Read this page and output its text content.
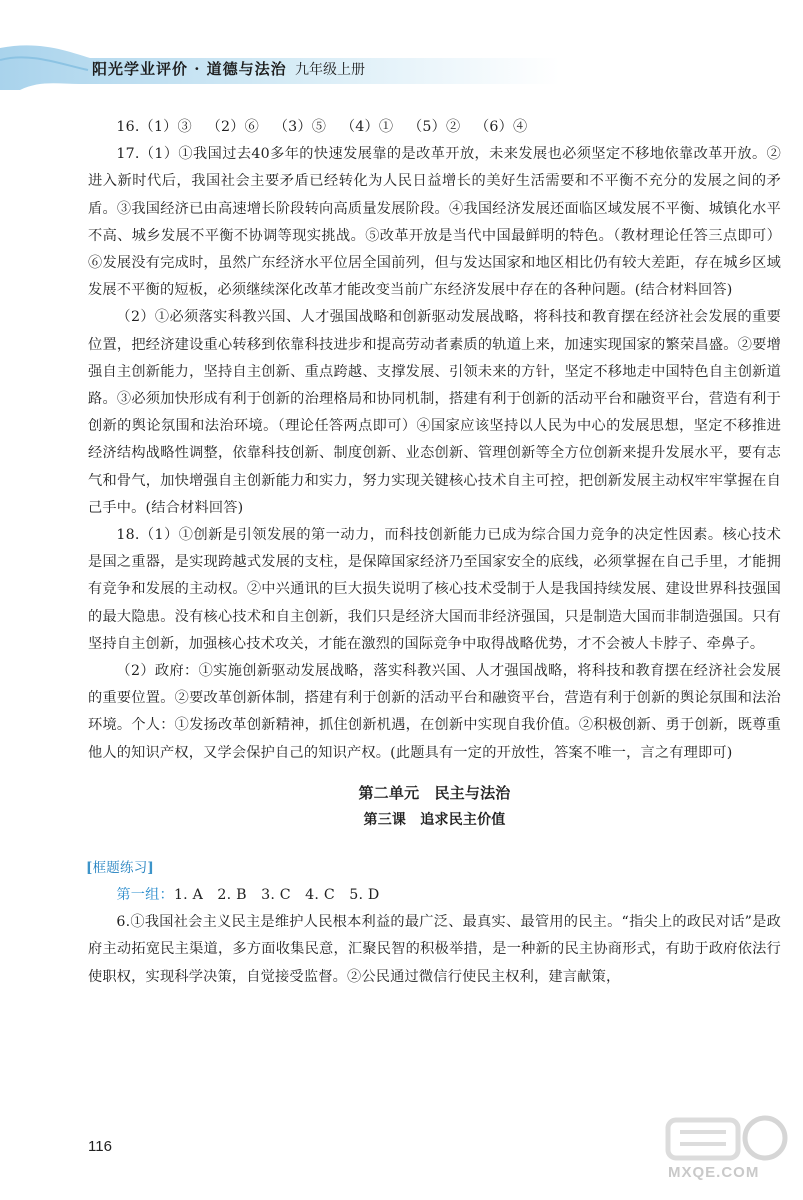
阳光学业评价 · 道德与法治 九年级上册

16.（1）③ （2）⑥ （3）⑤ （4）① （5）② （6）④

17.（1）①我国过去40多年的快速发展靠的是改革开放，未来发展也必须坚定不移地依靠改革开放。②进入新时代后，我国社会主要矛盾已经转化为人民日益增长的美好生活需要和不平衡不充分的发展之间的矛盾。③我国经济已由高速增长阶段转向高质量发展阶段。④我国经济发展还面临区域发展不平衡、城镇化水平不高、城乡发展不平衡不协调等现实挑战。⑤改革开放是当代中国最鲜明的特色。（教材理论任答三点即可）⑥发展没有完成时，虽然广东经济水平位居全国前列，但与发达国家和地区相比仍有较大差距，存在城乡区域发展不平衡的短板，必须继续深化改革才能改变当前广东经济发展中存在的各种问题。(结合材料回答)

（2）①必须落实科教兴国、人才强国战略和创新驱动发展战略，将科技和教育摆在经济社会发展的重要位置，把经济建设重心转移到依靠科技进步和提高劳动者素质的轨道上来，加速实现国家的繁荣昌盛。②要增强自主创新能力，坚持自主创新、重点跨越、支撑发展、引领未来的方针，坚定不移地走中国特色自主创新道路。③必须加快形成有利于创新的治理格局和协同机制，搭建有利于创新的活动平台和融资平台，营造有利于创新的舆论氛围和法治环境。（理论任答两点即可）④国家应该坚持以人民为中心的发展思想，坚定不移推进经济结构战略性调整，依靠科技创新、制度创新、业态创新、管理创新等全方位创新来提升发展水平，要有志气和骨气，加快增强自主创新能力和实力，努力实现关键核心技术自主可控，把创新发展主动权牢牢掌握在自己手中。(结合材料回答)

18.（1）①创新是引领发展的第一动力，而科技创新能力已成为综合国力竞争的决定性因素。核心技术是国之重器，是实现跨越式发展的支柱，是保障国家经济乃至国家安全的底线，必须掌握在自己手里，才能拥有竞争和发展的主动权。②中兴通讯的巨大损失说明了核心技术受制于人是我国持续发展、建设世界科技强国的最大隐患。没有核心技术和自主创新，我们只是经济大国而非经济强国，只是制造大国而非制造强国。只有坚持自主创新，加强核心技术攻关，才能在激烈的国际竞争中取得战略优势，才不会被人卡脖子、牵鼻子。

（2）政府：①实施创新驱动发展战略，落实科教兴国、人才强国战略，将科技和教育摆在经济社会发展的重要位置。②要改革创新体制，搭建有利于创新的活动平台和融资平台，营造有利于创新的舆论氛围和法治环境。个人：①发扬改革创新精神，抓住创新机遇，在创新中实现自我价值。②积极创新、勇于创新，既尊重他人的知识产权，又学会保护自己的知识产权。(此题具有一定的开放性，答案不唯一，言之有理即可)

第二单元　民主与法治
第三课　追求民主价值
[框题练习]

第一组：1. A　2. B　3. C　4. C　5. D

6.①我国社会主义民主是维护人民根本利益的最广泛、最真实、最管用的民主。“指尖上的政民对话”是政府主动拓宽民主渠道，多方面收集民意，汇聚民智的积极举措，是一种新的民主协商形式，有助于政府依法行使职权，实现科学决策，自觉接受监督。②公民通过微信行使民主权利，建言献策，

116
MXQE.COM
